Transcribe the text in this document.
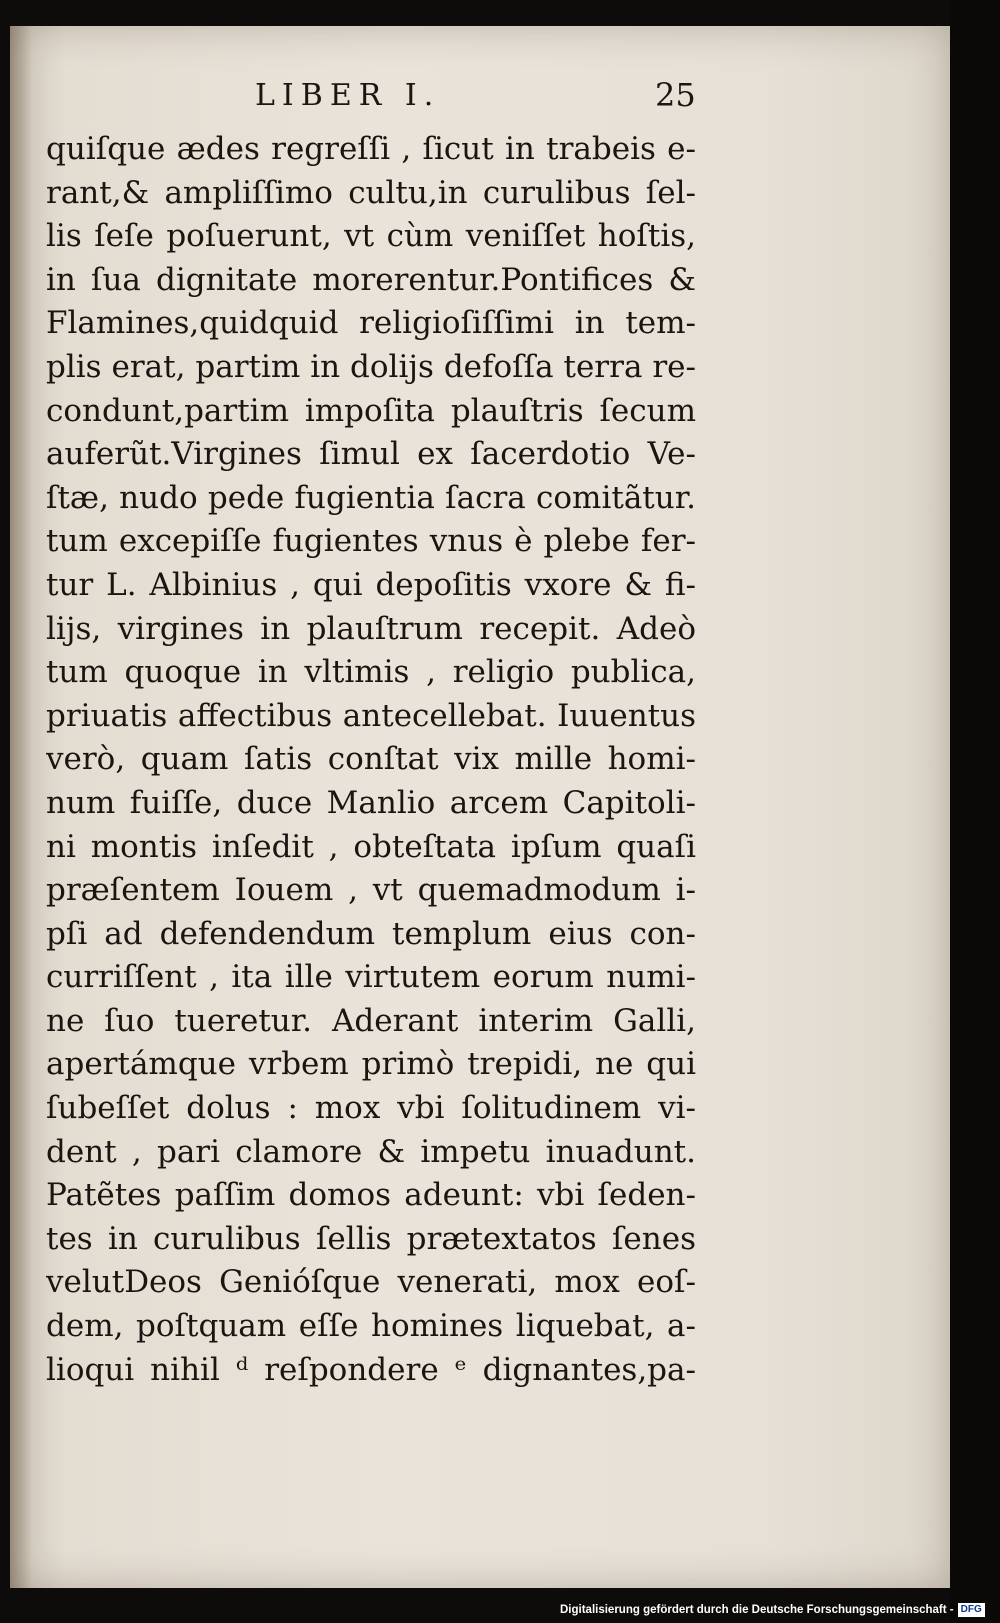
LIBER I.	25
quiſque ædes regreſſi , ſicut in trabeis e-
rant,& ampliſſimo cultu,in curulibus ſel-
lis ſeſe poſuerunt, vt cùm veniſſet hoſtis,
in ſua dignitate morerentur.Pontifices &
Flamines,quidquid religioſiſſimi in tem-
plis erat, partim in dolijs defoſſa terra re-
condunt,partim impoſita plauſtris ſecum
auferũt.Virgines ſimul ex ſacerdotio Ve-
ſtæ, nudo pede fugientia ſacra comitãtur.
tum excepiſſe fugientes vnus è plebe fer-
tur L. Albinius , qui depoſitis vxore & fi-
lijs, virgines in plauſtrum recepit. Adeò
tum quoque in vltimis , religio publica,
priuatis affectibus antecellebat. Iuuentus
verò, quam ſatis conſtat vix mille homi-
num fuiſſe, duce Manlio arcem Capitoli-
ni montis inſedit , obteſtata ipſum quaſi
præſentem Iouem , vt quemadmodum i-
pſi ad defendendum templum eius con-
curriſſent , ita ille virtutem eorum numi-
ne ſuo tueretur. Aderant interim Galli,
apertámque vrbem primò trepidi, ne qui
ſubeſſet dolus : mox vbi ſolitudinem vi-
dent , pari clamore & impetu inuadunt.
Patẽtes paſſim domos adeunt: vbi ſeden-
tes in curulibus ſellis prætextatos ſenes
velutDeos Genióſque venerati, mox eoſ-
dem, poſtquam eſſe homines liquebat, a-
lioqui nihil ᵈ reſpondere ᵉ dignantes,pa-
Digitalisierung gefördert durch die Deutsche Forschungsgemeinschaft - DFG
